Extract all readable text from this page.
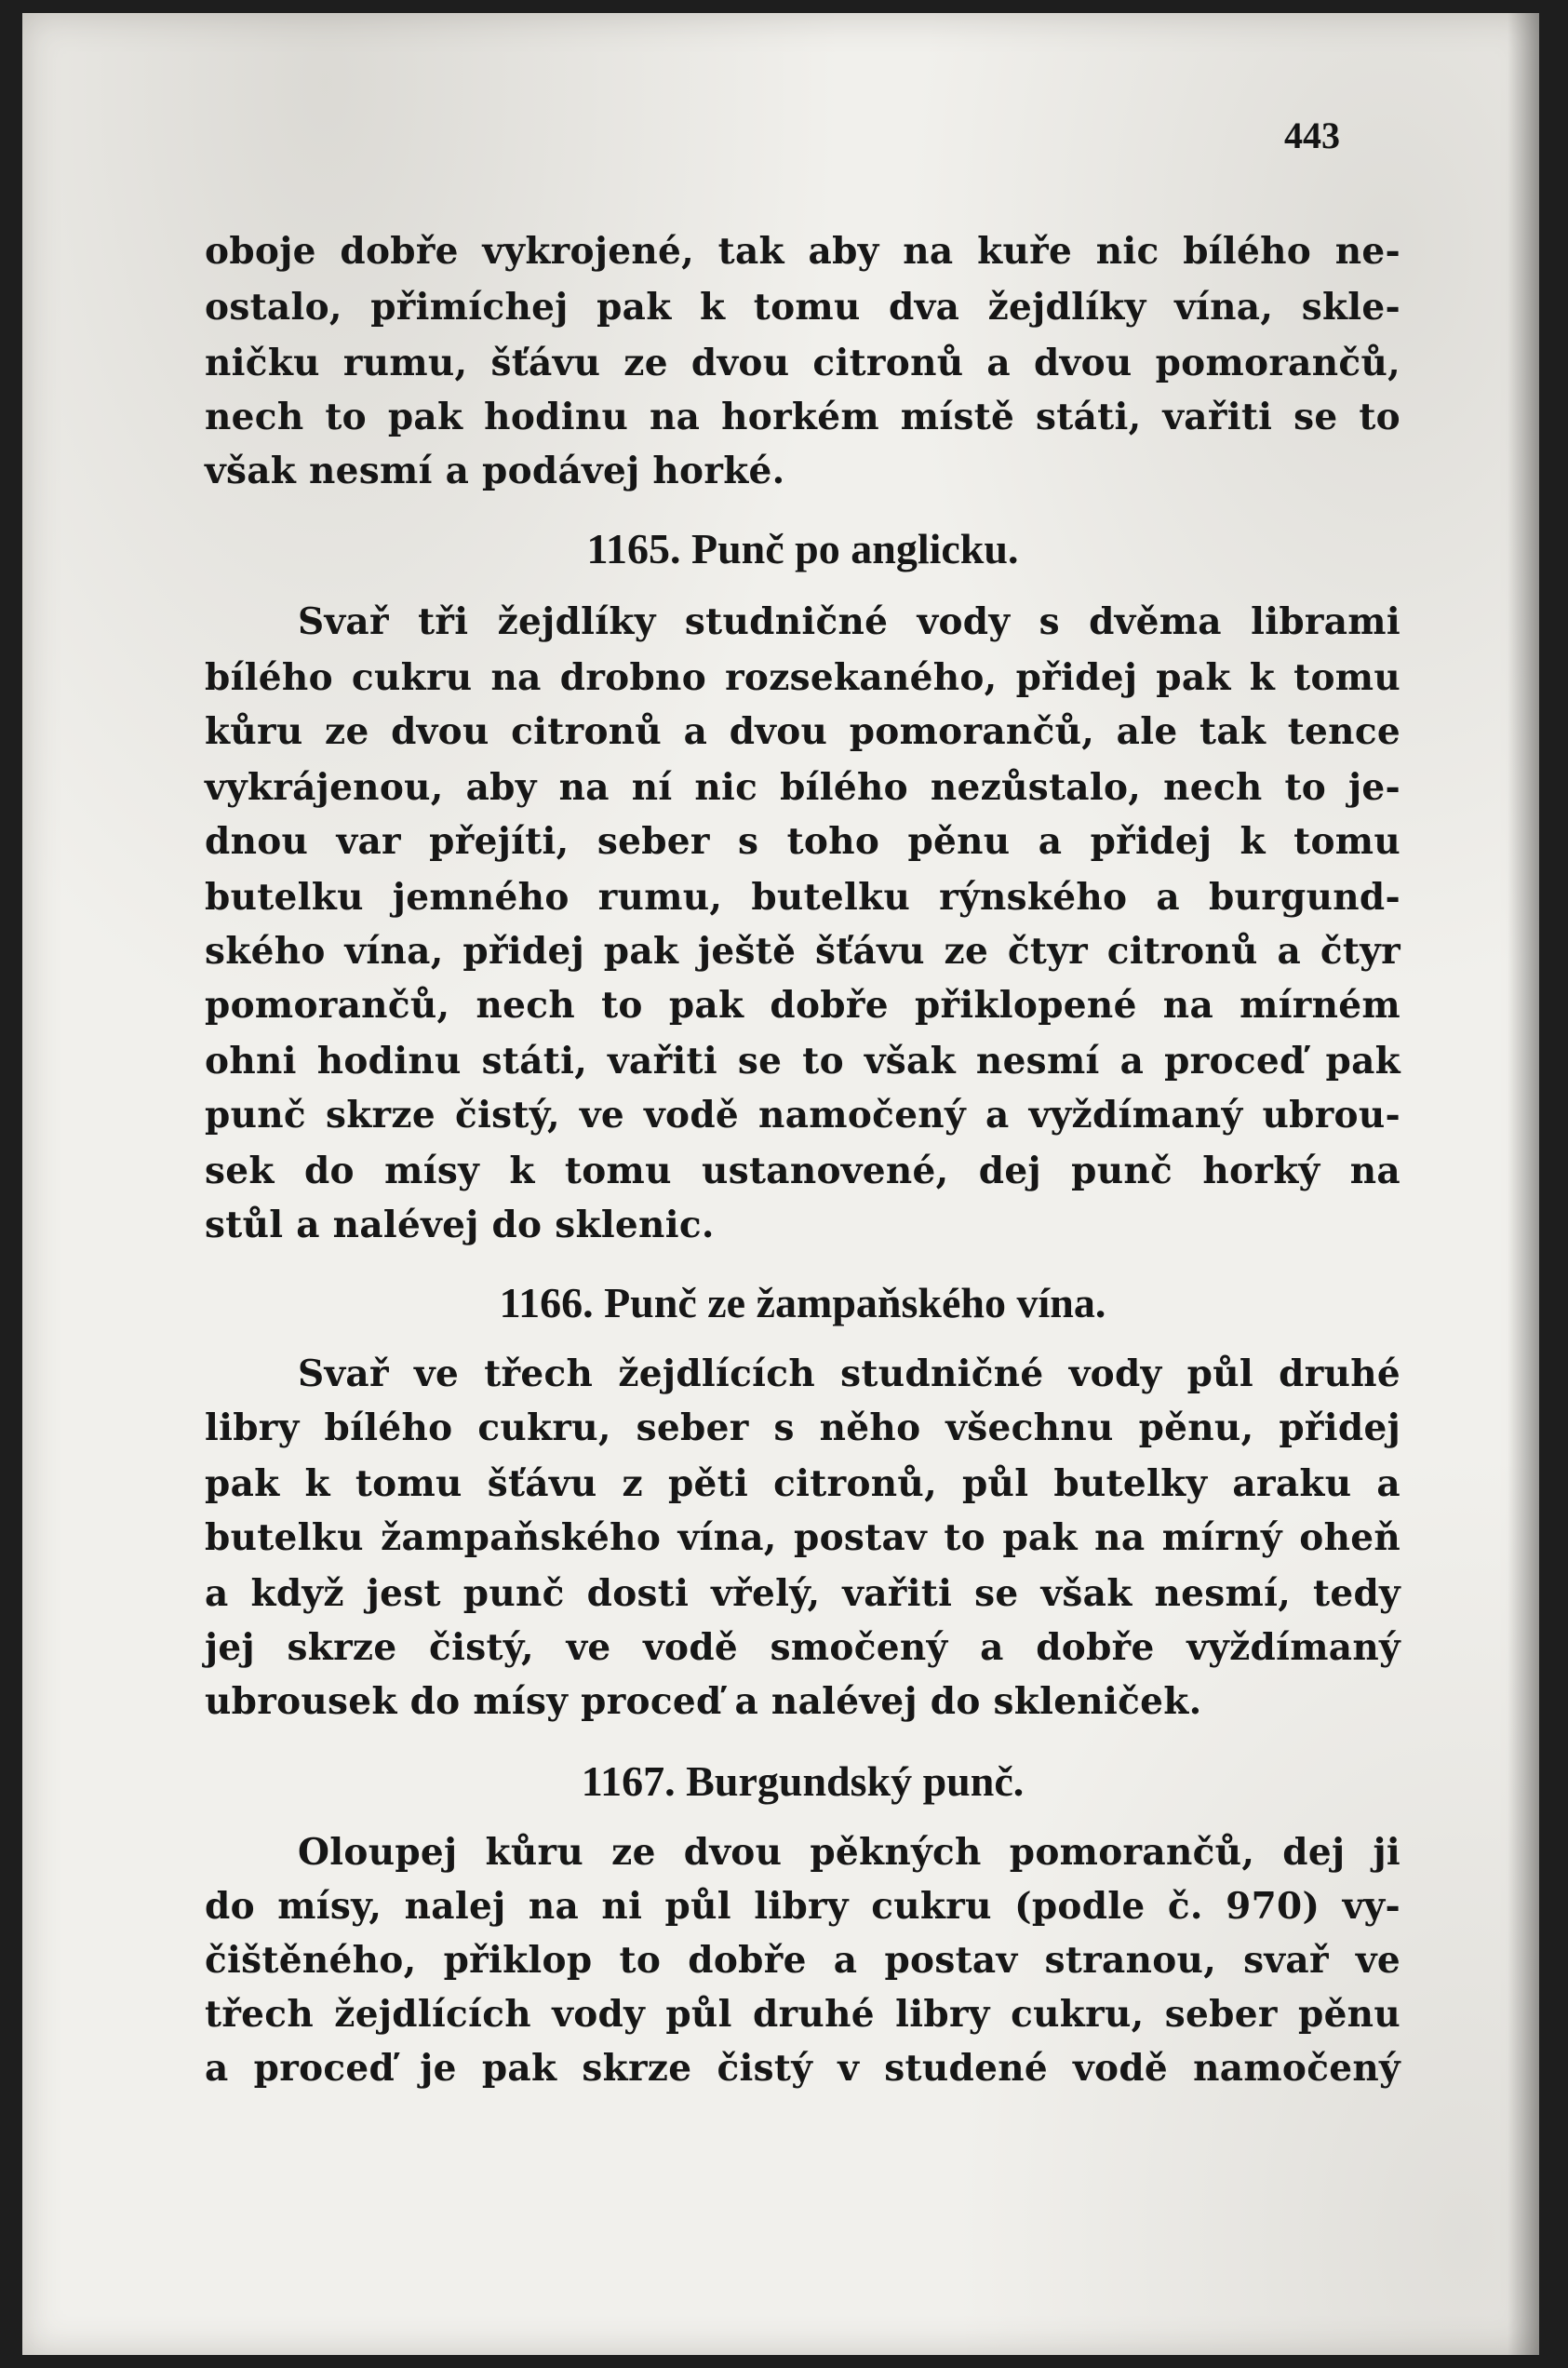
443
oboje dobře vykrojené, tak aby na kuře nic bílého ne-
ostalo, přimíchej pak k tomu dva žejdlíky vína, skle-
ničku rumu, šťávu ze dvou citronů a dvou pomorančů,
nech to pak hodinu na horkém místě státi, vařiti se to
však nesmí a podávej horké.
1165. Punč po anglicku.
Svař tři žejdlíky studničné vody s dvěma librami
bílého cukru na drobno rozsekaného, přidej pak k tomu
kůru ze dvou citronů a dvou pomorančů, ale tak tence
vykrájenou, aby na ní nic bílého nezůstalo, nech to je-
dnou var přejíti, seber s toho pěnu a přidej k tomu
butelku jemného rumu, butelku rýnského a burgund-
ského vína, přidej pak ještě šťávu ze čtyr citronů a čtyr
pomorančů, nech to pak dobře přiklopené na mírném
ohni hodinu státi, vařiti se to však nesmí a proceď pak
punč skrze čistý, ve vodě namočený a vyždímaný ubrou-
sek do mísy k tomu ustanovené, dej punč horký na
stůl a nalévej do sklenic.
1166. Punč ze žampaňského vína.
Svař ve třech žejdlících studničné vody půl druhé
libry bílého cukru, seber s něho všechnu pěnu, přidej
pak k tomu šťávu z pěti citronů, půl butelky araku a
butelku žampaňského vína, postav to pak na mírný oheň
a když jest punč dosti vřelý, vařiti se však nesmí, tedy
jej skrze čistý, ve vodě smočený a dobře vyždímaný
ubrousek do mísy proceď a nalévej do skleniček.
1167. Burgundský punč.
Oloupej kůru ze dvou pěkných pomorančů, dej ji
do mísy, nalej na ni půl libry cukru (podle č. 970) vy-
čištěného, přiklop to dobře a postav stranou, svař ve
třech žejdlících vody půl druhé libry cukru, seber pěnu
a proceď je pak skrze čistý v studené vodě namočený
